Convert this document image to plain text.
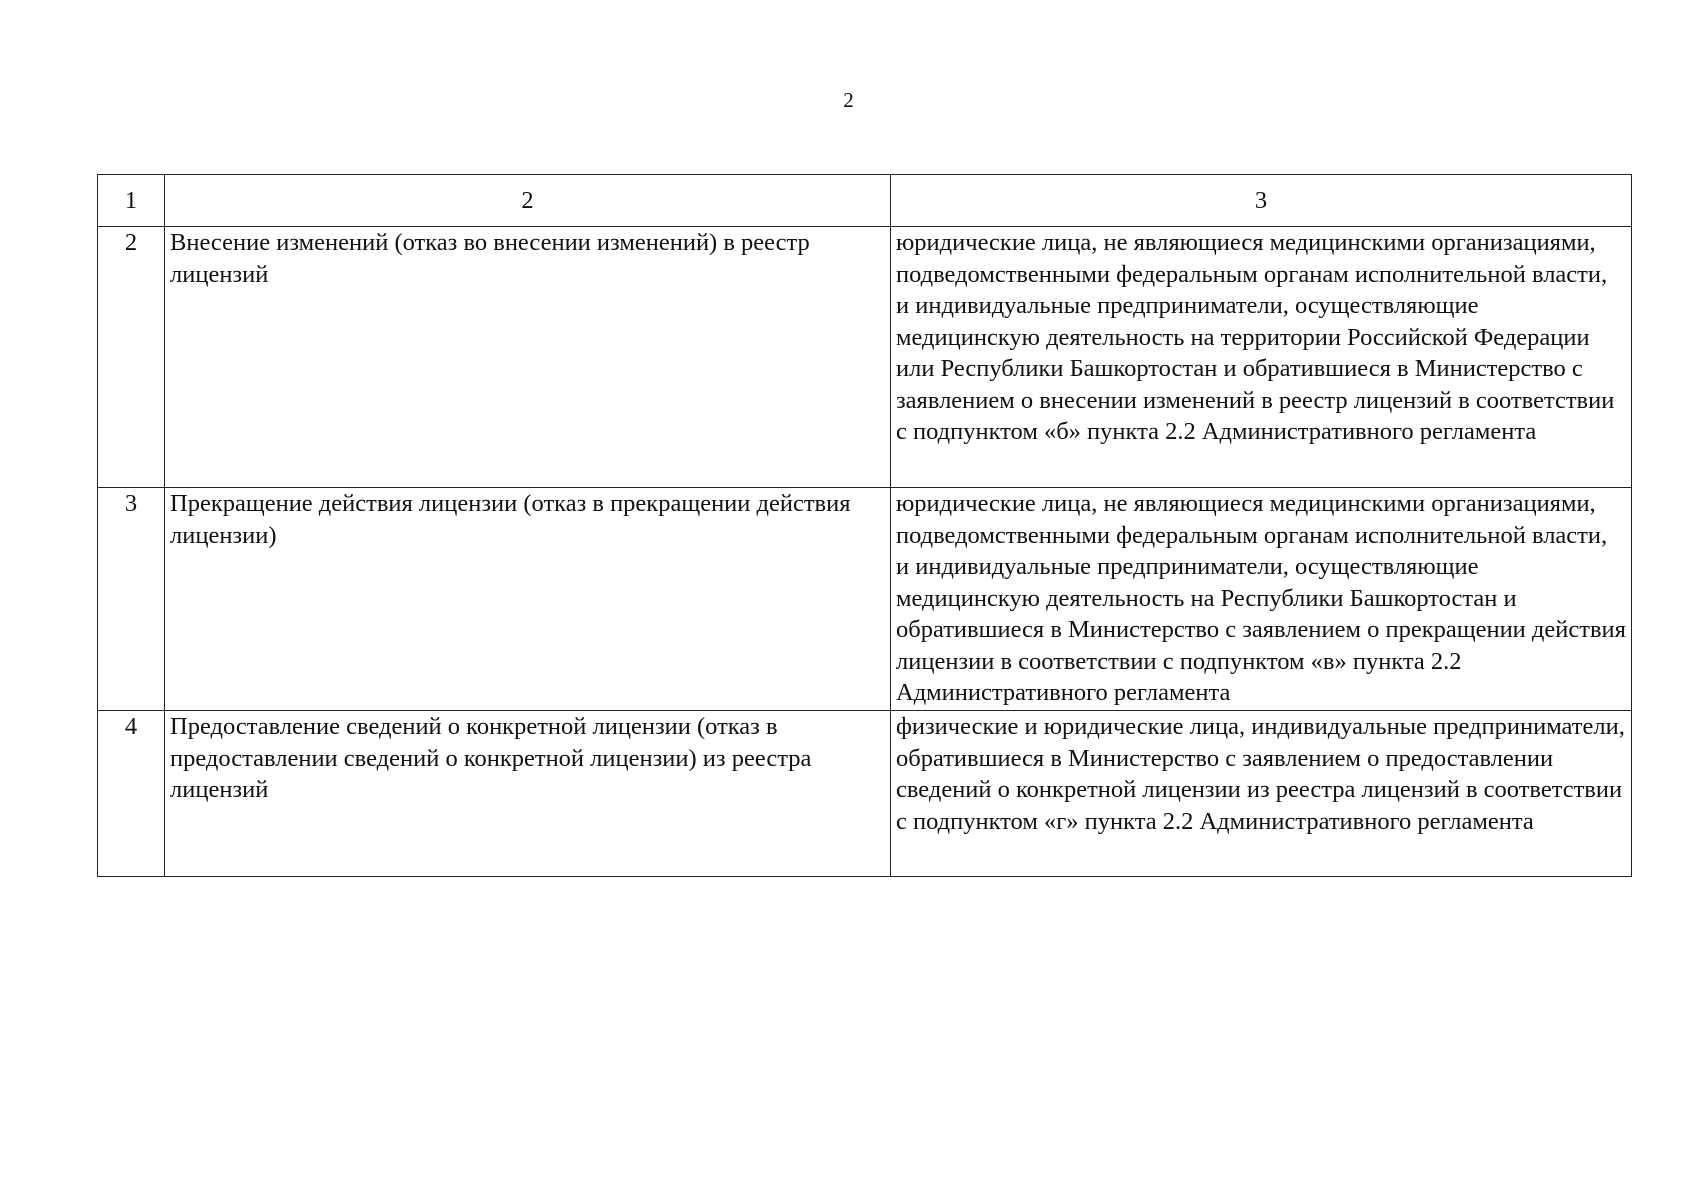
2
1	2	3
2	Внесение изменений (отказ во внесении изменений) в реестр лицензий	юридические лица, не являющиеся медицинскими организациями, подведомственными федеральным органам исполнительной власти, и индивидуальные предприниматели, осуществляющие медицинскую деятельность на территории Российской Федерации или Республики Башкортостан и обратившиеся в Министерство с заявлением о внесении изменений в реестр лицензий в соответствии с подпунктом «б» пункта 2.2 Административного регламента
3	Прекращение действия лицензии (отказ в прекращении действия лицензии)	юридические лица, не являющиеся медицинскими организациями, подведомственными федеральным органам исполнительной власти, и индивидуальные предприниматели, осуществляющие медицинскую деятельность на Республики Башкортостан и обратившиеся в Министерство с заявлением о прекращении действия лицензии в соответствии с подпунктом «в» пункта 2.2 Административного регламента
4	Предоставление сведений о конкретной лицензии (отказ в предоставлении сведений о конкретной лицензии) из реестра лицензий	физические и юридические лица, индивидуальные предприниматели, обратившиеся в Министерство с заявлением о предоставлении сведений о конкретной лицензии из реестра лицензий в соответствии с подпунктом «г» пункта 2.2 Административного регламента
